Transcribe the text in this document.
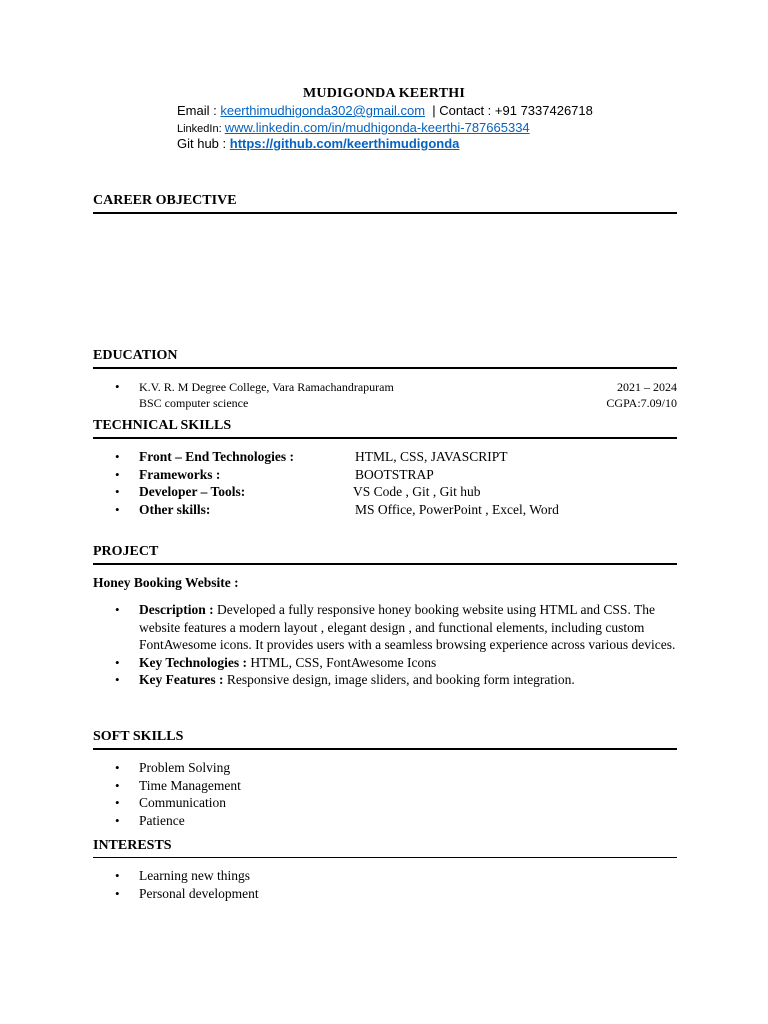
MUDIGONDA KEERTHI
Email : keerthimudhigonda302@gmail.com  | Contact : +91 7337426718
LinkedIn: www.linkedin.com/in/mudhigonda-keerthi-787665334
Git hub : https://github.com/keerthimudigonda
CAREER OBJECTIVE
EDUCATION
• K.V. R. M Degree College, Vara Ramachandrapuram	2021 – 2024
BSC computer science	CGPA:7.09/10
TECHNICAL SKILLS
• Front – End Technologies :	HTML, CSS, JAVASCRIPT
• Frameworks :	BOOTSTRAP
• Developer – Tools:	VS Code , Git , Git hub
• Other skills:	MS Office, PowerPoint , Excel, Word
PROJECT
Honey Booking Website :
• Description : Developed a fully responsive honey booking website using HTML and CSS. The website features a modern layout , elegant design , and functional elements, including custom FontAwesome icons. It provides users with a seamless browsing experience across various devices.
• Key Technologies : HTML, CSS, FontAwesome Icons
• Key Features : Responsive design, image sliders, and booking form integration.
SOFT SKILLS
• Problem Solving
• Time Management
• Communication
• Patience
INTERESTS
• Learning new things
• Personal development
